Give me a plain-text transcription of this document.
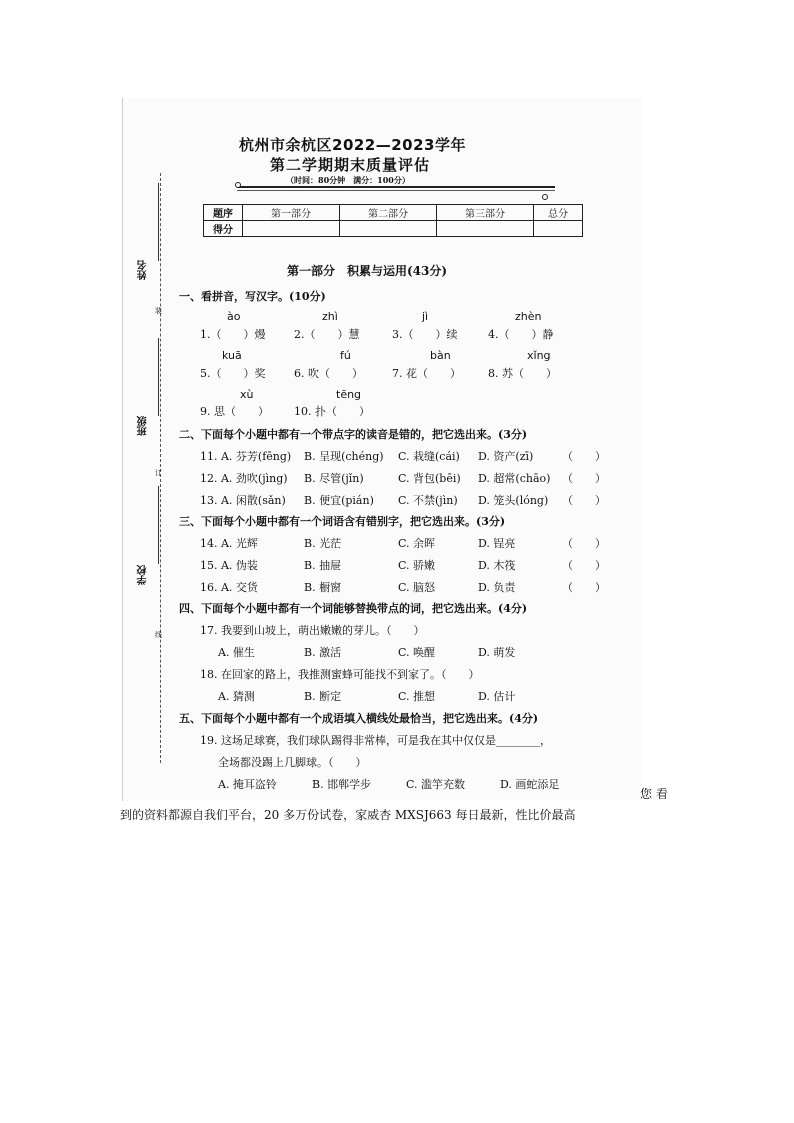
杭州市余杭区2022—2023学年
第二学期期末质量评估
（时间：80分钟　满分：100分）
题序	第一部分	第二部分	第三部分	总分
得分				
姓名
班级
学校
装
订
线
第一部分　积累与运用(43分)
一、看拼音，写汉字。(10分)
ào	zhì	jì	zhèn
1.（　　）熳	2.（　　）慧	3.（　　）续	4.（　　）静
kuā	fú	bàn	xǐng
5.（　　）奖	6. 吹（　　）	7. 花（　　） 8. 苏（　　）
xù	tēng
9. 思（　　） 10. 扑（　　）
二、下面每个小题中都有一个带点字的读音是错的，把它选出来。(3分)
11. A. 芬芳(fēng) B. 呈现(chéng) C. 栽缝(cái) D. 资产(zī)	（　　）
12. A. 劲吹(jìng) B. 尽管(jǐn)	C. 背包(bēi) D. 超常(chāo) （　　）
13. A. 闲散(sǎn) B. 便宜(pián) C. 不禁(jìn) D. 笼头(lóng) （　　）
三、下面每个小题中都有一个词语含有错别字，把它选出来。(3分)
14. A. 光辉	B. 光茫	C. 余晖	D. 锃亮	（　　）
15. A. 伪装	B. 抽屉	C. 骄嫩	D. 木筏	（　　）
16. A. 交货	B. 橱窗	C. 脑怒	D. 负责	（　　）
四、下面每个小题中都有一个词能够替换带点的词，把它选出来。(4分)
17. 我要到山坡上，萌出嫩嫩的芽儿。（　　）
A. 催生	B. 激活	C. 唤醒	D. 萌发
18. 在回家的路上，我推测蜜蜂可能找不到家了。（　　）
A. 猜测	B. 断定	C. 推想	D. 估计
五、下面每个小题中都有一个成语填入横线处最恰当，把它选出来。(4分)
19. 这场足球赛，我们球队踢得非常棒，可是我在其中仅仅是________，
全场都没踢上几脚球。（　　）
A. 掩耳盗铃	B. 邯郸学步	C. 滥竽充数	D. 画蛇添足
您 看
到的资料都源自我们平台，20 多万份试卷，家威杏 MXSJ663 每日最新，性比价最高
